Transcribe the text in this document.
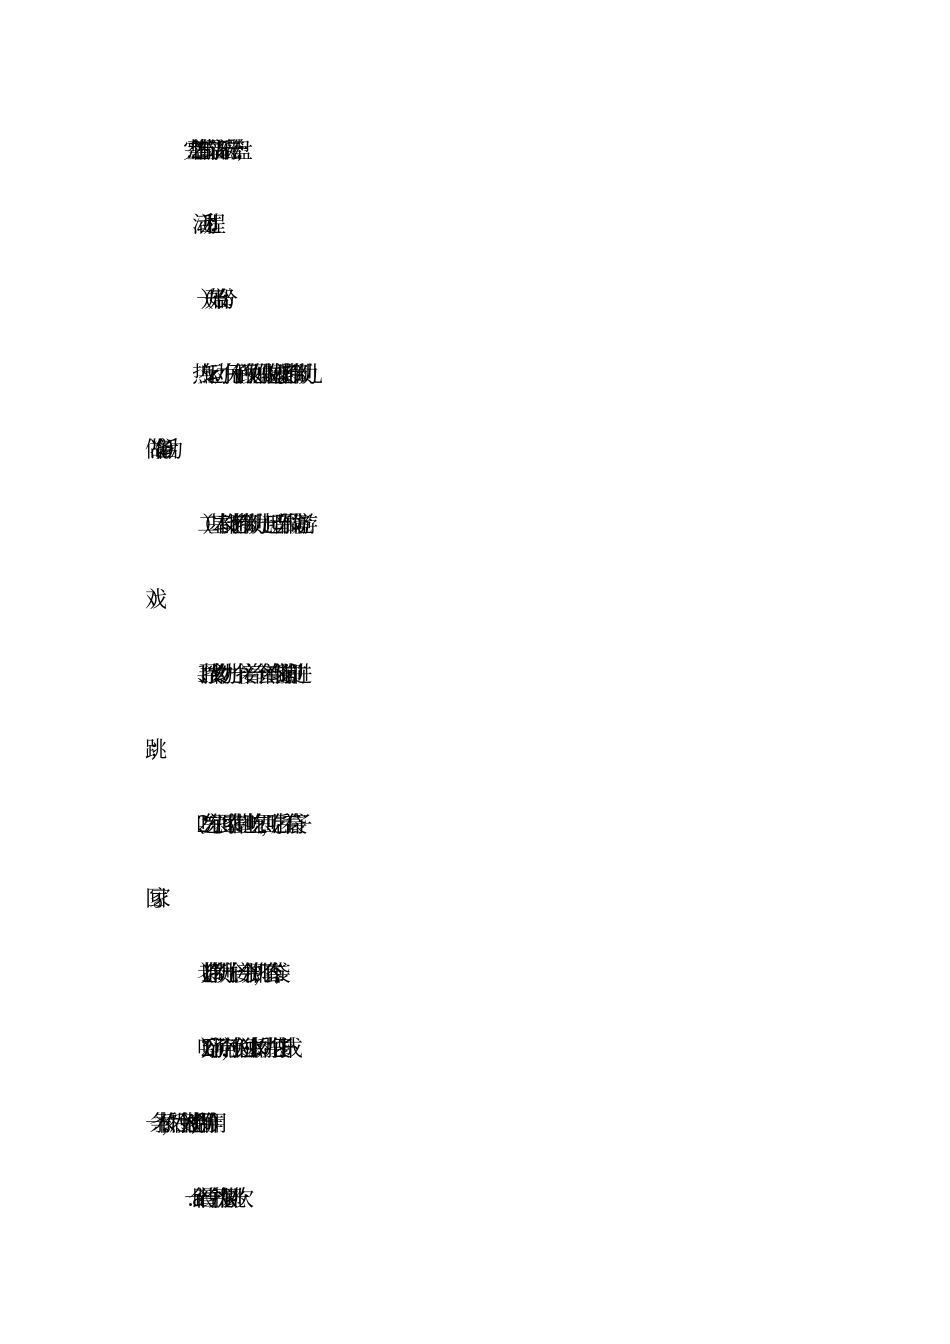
2．　完整情节的录音音乐磁带一盘；
活动过程：
（一）开始部分：
热身运动：小兔子们跟兔妈妈做起床操。（老师带领幼儿
做准备活动）
（二）基本部分：（老师带领幼儿一起听音乐做情境游
戏）
１、“寻找食物”：幼儿一个接着一个套着布袋蹦脚前进
跳；
２、“吃完东西回家”：在草地上吃东西，吃后扛着袋子
回家。
（１）　老师带领幼儿一个接一个并脚跳，不套布袋；
（２）　听到了河流声，小兔们过独木桥：幼儿把袋子扑成
一条木桥，然后小兔过桥；（老师引导作用）
a．　一个跟着一个并拢双脚跳一次
